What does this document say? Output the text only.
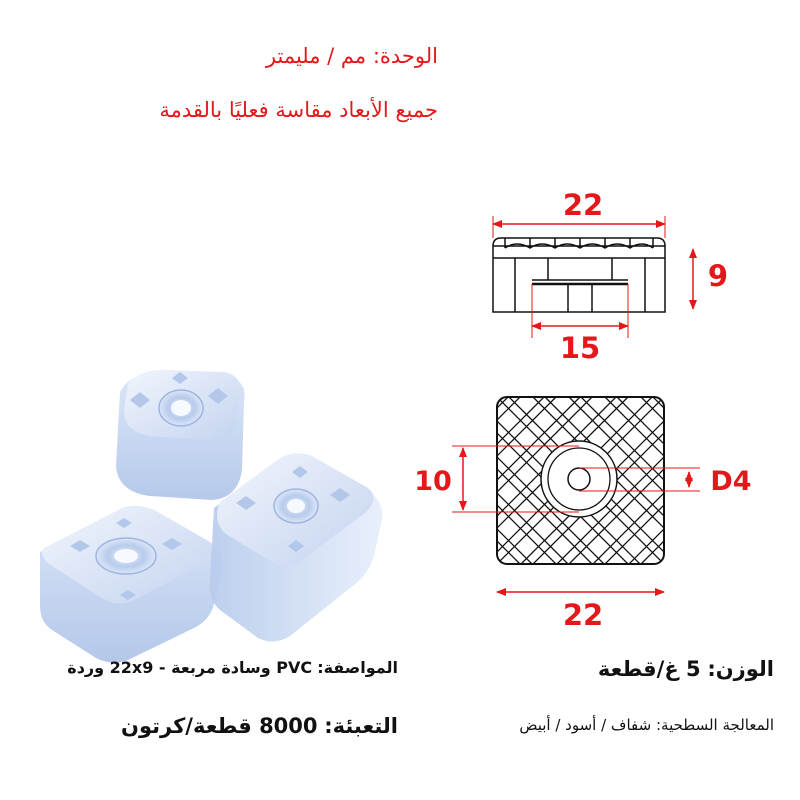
الوحدة: مم / مليمتر
جميع الأبعاد مقاسة فعليًا بالقدمة
22
9
15
10	D4
22
المواصفة: PVC وسادة مربعة - 22x9 وردة	الوزن: 5 غ/قطعة
التعبئة: 8000 قطعة/كرتون	المعالجة السطحية: شفاف / أسود / أبيض
